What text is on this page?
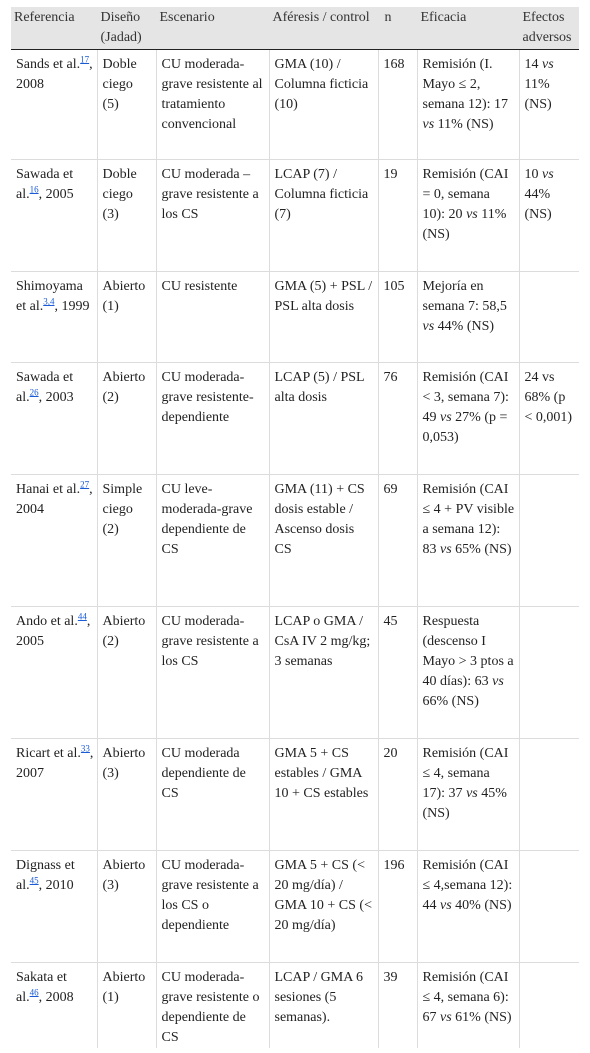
Referencia	Diseño (Jadad)	Escenario	Aféresis / control	n	Eficacia	Efectos adversos
Sands et al.$^{17}$, 2008	Doble ciego (5)	CU moderada-grave resistente al tratamiento convencional	GMA (10) / Columna ficticia (10)	168	Remisión (I. Mayo ≤ 2, semana 12): 17 vs 11% (NS)	14 vs 11% (NS)
Sawada et al.$^{16}$, 2005	Doble ciego (3)	CU moderada – grave resistente a los CS	LCAP (7) / Columna ficticia (7)	19	Remisión (CAI = 0, semana 10): 20 vs 11% (NS)	10 vs 44% (NS)
Shimoyama et al.$^{3,4}$, 1999	Abierto (1)	CU resistente	GMA (5) + PSL / PSL alta dosis	105	Mejoría en semana 7: 58,5 vs 44% (NS)	
Sawada et al.$^{26}$, 2003	Abierto (2)	CU moderada-grave resistente-dependiente	LCAP (5) / PSL alta dosis	76	Remisión (CAI < 3, semana 7): 49 vs 27% (p = 0,053)	24 vs 68% (p < 0,001)
Hanai et al.$^{27}$, 2004	Simple ciego (2)	CU leve-moderada-grave dependiente de CS	GMA (11) + CS dosis estable / Ascenso dosis CS	69	Remisión (CAI ≤ 4 + PV visible a semana 12): 83 vs 65% (NS)	
Ando et al.$^{44}$, 2005	Abierto (2)	CU moderada-grave resistente a los CS	LCAP o GMA / CsA IV 2 mg/kg; 3 semanas	45	Respuesta (descenso I Mayo > 3 ptos a 40 días): 63 vs 66% (NS)	
Ricart et al.$^{33}$, 2007	Abierto (3)	CU moderada dependiente de CS	GMA 5 + CS estables / GMA 10 + CS estables	20	Remisión (CAI ≤ 4, semana 17): 37 vs 45% (NS)	
Dignass et al.$^{45}$, 2010	Abierto (3)	CU moderada-grave resistente a los CS o dependiente	GMA 5 + CS (< 20 mg/día) / GMA 10 + CS (< 20 mg/día)	196	Remisión (CAI ≤ 4,semana 12): 44 vs 40% (NS)	
Sakata et al.$^{46}$, 2008	Abierto (1)	CU moderada-grave resistente o dependiente de CS	LCAP / GMA 6 sesiones (5 semanas).	39	Remisión (CAI ≤ 4, semana 6): 67 vs 61% (NS)	
